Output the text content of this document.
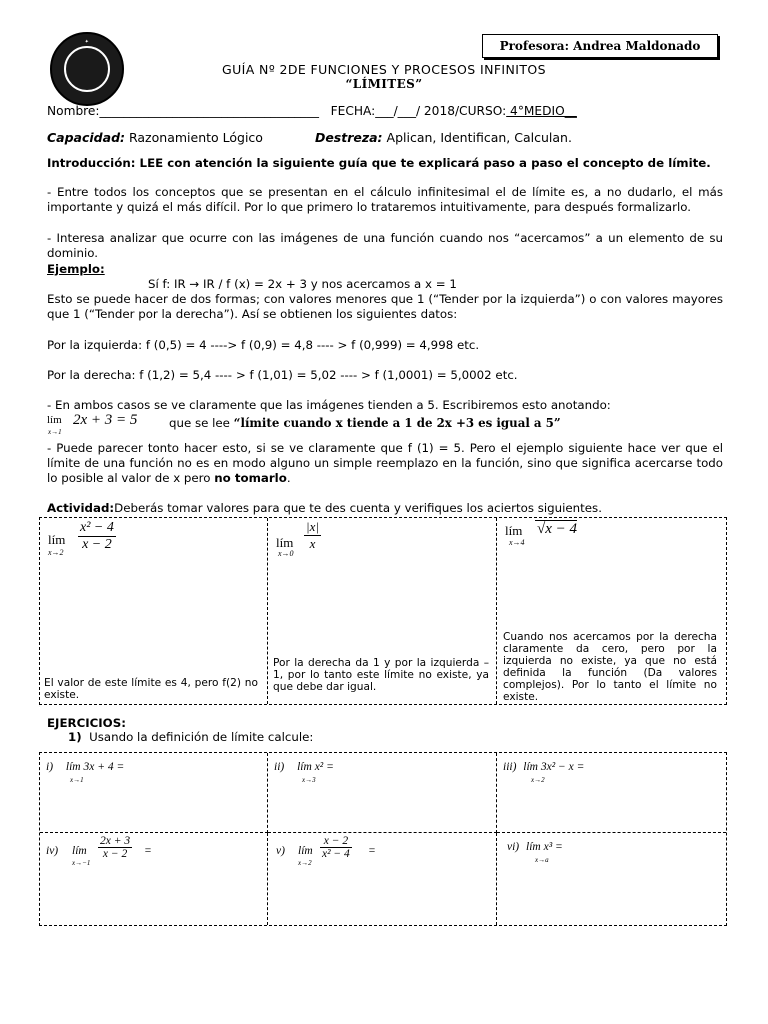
✦	Profesora: Andrea Maldonado
GUÍA Nº 2DE FUNCIONES Y PROCESOS INFINITOS
“LÍMITES”
Nombre:____________________________________ FECHA:___/___/ 2018/CURSO: 4°MEDIO__
Capacidad: Razonamiento Lógico	Destreza: Aplican, Identifican, Calculan.
Introducción: LEE con atención la siguiente guía que te explicará paso a paso el concepto de límite.
- Entre todos los conceptos que se presentan en el cálculo infinitesimal el de límite es, a no dudarlo, el más importante y quizá el más difícil. Por lo que primero lo trataremos intuitivamente, para después formalizarlo.
- Interesa analizar que ocurre con las imágenes de una función cuando nos “acercamos” a un elemento de su dominio.
Ejemplo:
Sí f: IR → IR / f (x) = 2x + 3 y nos acercamos a x = 1
Esto se puede hacer de dos formas; con valores menores que 1 (“Tender por la izquierda”) o con valores mayores que 1 (“Tender por la derecha”). Así se obtienen los siguientes datos:
Por la izquierda: f (0,5) = 4 ----> f (0,9) = 4,8 ---- > f (0,999) = 4,998 etc.
Por la derecha: f (1,2) = 5,4 ---- > f (1,01) = 5,02 ---- > f (1,0001) = 5,0002 etc.
- En ambos casos se ve claramente que las imágenes tienden a 5. Escribiremos esto anotando:
lím
x→1
2x + 3 = 5	que se lee “límite cuando x tiende a 1 de 2x +3 es igual a 5”
- Puede parecer tonto hacer esto, si se ve claramente que f (1) = 5. Pero el ejemplo siguiente hace ver que el límite de una función no es en modo alguno un simple reemplazo en la función, sino que significa acercarse todo lo posible al valor de x pero no tomarlo.
Actividad:Deberás tomar valores para que te des cuenta y verifiques los aciertos siguientes.
lím
$x\to 2 \frac{\text{x² − 4}}{x - 2}$
El valor de este límite es 4, pero f(2) no existe.
lím
x→0
$\frac{|x|}{x}$
Por la derecha da 1 y por la izquierda – 1, por lo tanto este límite no existe, ya que debe dar igual.
lím
x→4
√x − 4
Cuando nos acercamos por la derecha claramente da cero, pero por la izquierda no existe, ya que no está definida la función (Da valores complejos). Por lo tanto el límite no existe.
EJERCICIOS:
1) Usando la definición de límite calcule:
i) lím
x→1
3x + 4 =	ii) lím
x→3
x² =	iii) lím
x→2
3x² − x =
iv) lím
x→−1
$\frac{2x + 3}{x - 2}$ =	v) lím
x→2
$\frac{x - 2}{\text{x² − 4}}$ =	vi) lím
x→a
x³ =
